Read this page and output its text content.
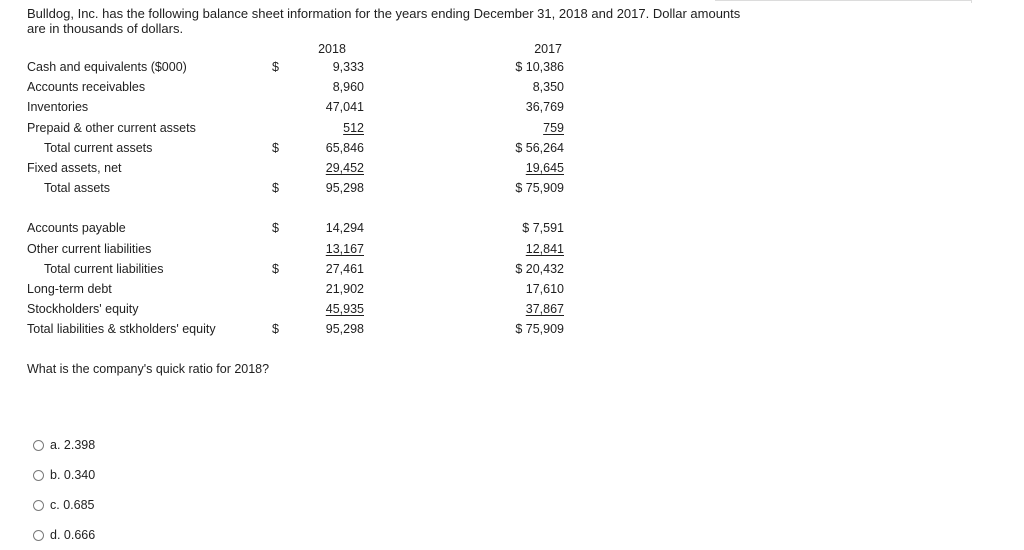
Bulldog, Inc. has the following balance sheet information for the years ending December 31, 2018 and 2017. Dollar amounts are in thousands of dollars.
		2018		2017
Cash and equivalents ($000)	$	9,333		$ 10,386
Accounts receivables		8,960		8,350
Inventories		47,041		36,769
Prepaid & other current assets		512		759
Total current assets	$	65,846		$ 56,264
Fixed assets, net		29,452		19,645
Total assets	$	95,298		$ 75,909

Accounts payable	$	14,294		$ 7,591
Other current liabilities		13,167		12,841
Total current liabilities	$	27,461		$ 20,432
Long-term debt		21,902		17,610
Stockholders' equity		45,935		37,867
Total liabilities & stkholders' equity	$	95,298		$ 75,909
What is the company's quick ratio for 2018?
a. 2.398
b. 0.340
c. 0.685
d. 0.666
